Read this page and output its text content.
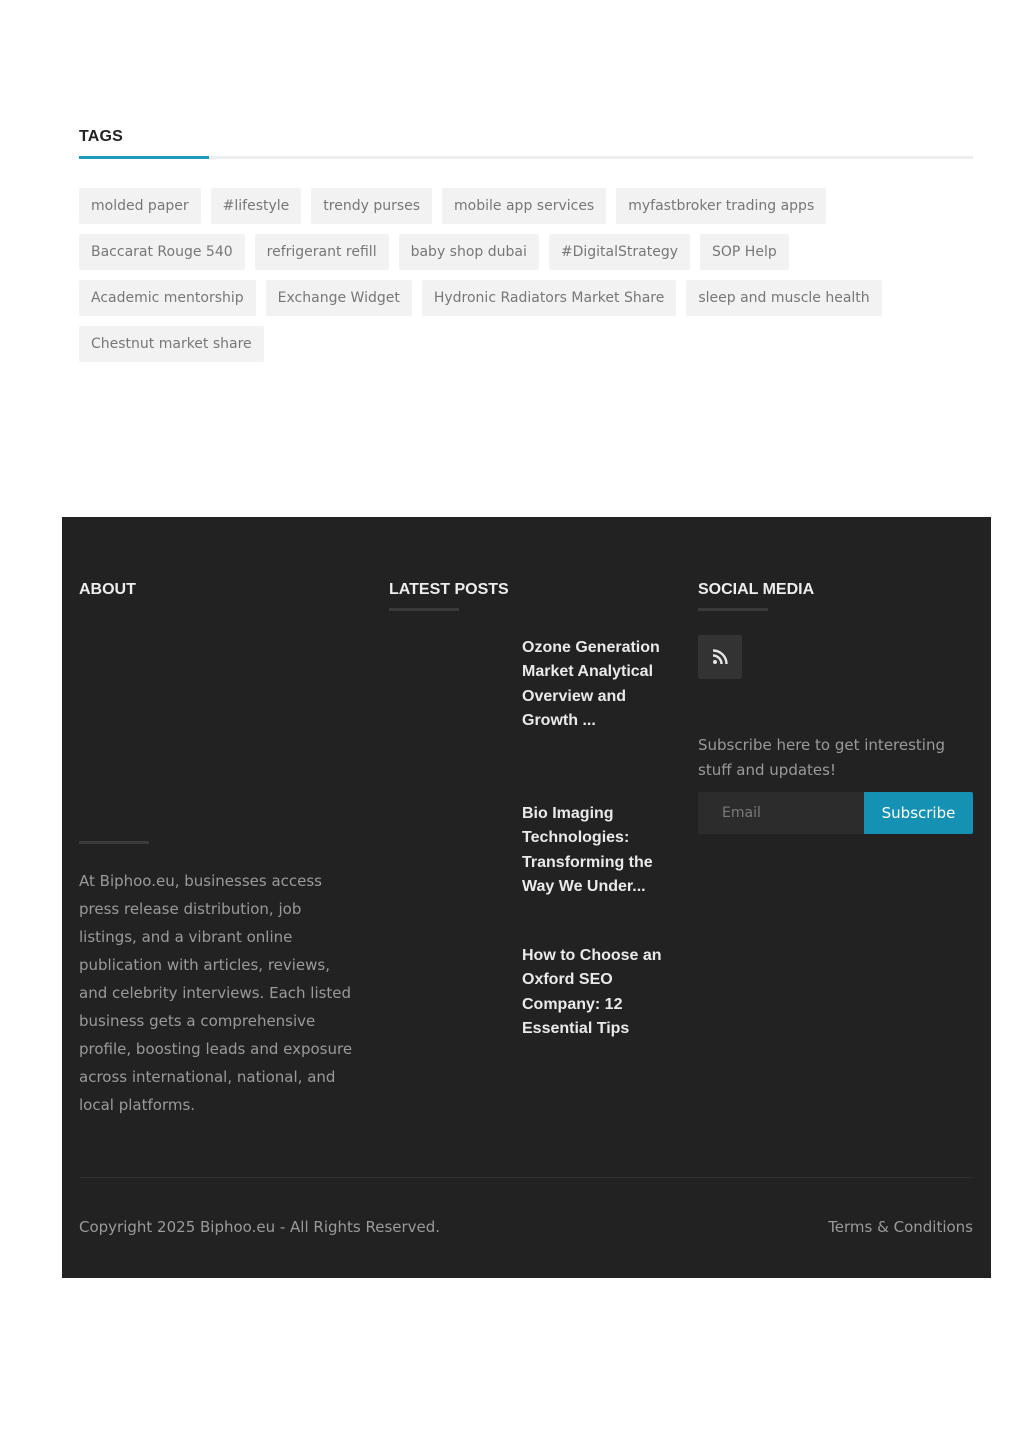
TAGS
molded paper	#lifestyle	trendy purses	mobile app services	myfastbroker trading apps
Baccarat Rouge 540	refrigerant refill	baby shop dubai	#DigitalStrategy	SOP Help
Academic mentorship	Exchange Widget	Hydronic Radiators Market Share	sleep and muscle health
Chestnut market share
ABOUT

At Biphoo.eu, businesses access press release distribution, job listings, and a vibrant online publication with articles, reviews, and celebrity interviews. Each listed business gets a comprehensive profile, boosting leads and exposure across international, national, and local platforms.

LATEST POSTS
Ozone Generation Market Analytical Overview and Growth ...
Bio Imaging Technologies: Transforming the Way We Under...
How to Choose an Oxford SEO Company: 12 Essential Tips
SOCIAL MEDIA

Subscribe here to get interesting stuff and updates!

Email
Subscribe
Copyright 2025 Biphoo.eu - All Rights Reserved.	Terms & Conditions
